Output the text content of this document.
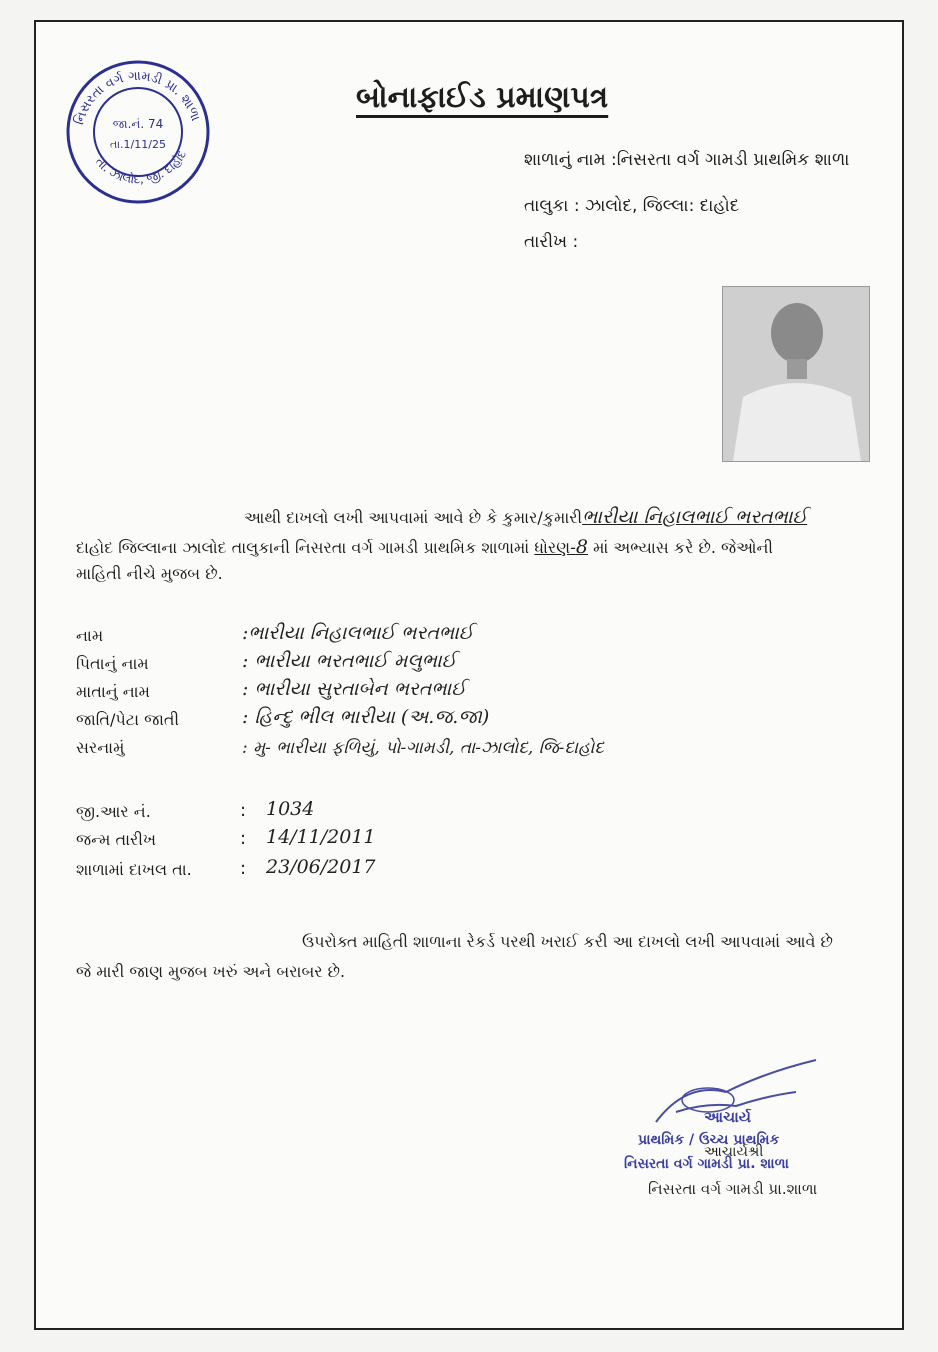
નિસરતા વર્ગ ગામડી પ્રા. શાળા
તા. ઝાલોદ, જી. દાહોદ
જા.નં. 74
તા.1/11/25
બોનાફાઈડ પ્રમાણપત્ર
શાળાનું નામ :નિસરતા વર્ગ ગામડી પ્રાથમિક શાળા
તાલુકા : ઝાલોદ, જિલ્લા: દાહોદ
તારીખ :
આથી દાખલો લખી આપવામાં આવે છે કે કુમાર/કુમારીભારીયા નિહાલભાઈ ભરતભાઈ
દાહોદ જિલ્લાના ઝાલોદ તાલુકાની નિસરતા વર્ગ ગામડી પ્રાથમિક શાળામાં ધોરણ-8 માં અભ્યાસ કરે છે. જેઓની
માહિતી નીચે મુજબ છે.
નામ	:ભારીયા નિહાલભાઈ ભરતભાઈ
પિતાનું નામ	: ભારીયા ભરતભાઈ મલુભાઈ
માતાનું નામ	: ભારીયા સુરતાબેન ભરતભાઈ
જાતિ/પેટા જાતી	: હિન્દુ ભીલ ભારીયા (અ.જ.જા)
સરનામું	: મુ- ભારીયા ફળિયું, પો-ગામડી, તા-ઝાલોદ, જિ-દાહોદ
જી.આર નં.	: 1034
જન્મ તારીખ	: 14/11/2011
શાળામાં દાખલ તા.	: 23/06/2017
ઉપરોક્ત માહિતી શાળાના રેકર્ડ પરથી ખરાઈ કરી આ દાખલો લખી આપવામાં આવે છે
જે મારી જાણ મુજબ ખરું અને બરાબર છે.
આચાર્ય
પ્રાથમિક / ઉચ્ચ પ્રાથમિક
નિસરતા વર્ગ ગામડી પ્રા. શાળા
આચાર્યશ્રી
નિસરતા વર્ગ ગામડી પ્રા.શાળા
